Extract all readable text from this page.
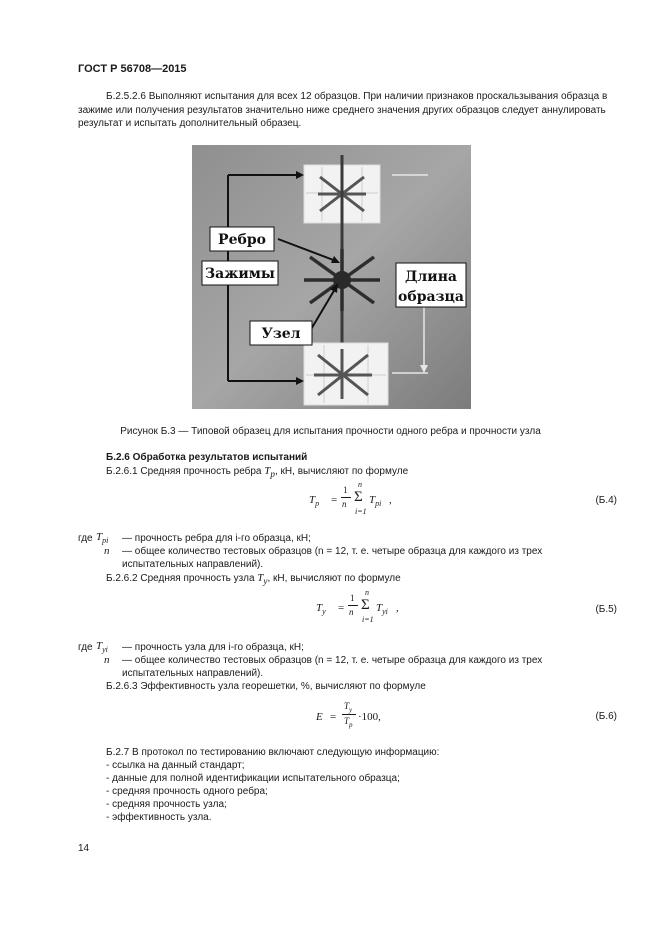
ГОСТ Р 56708—2015
Б.2.5.2.6 Выполняют испытания для всех 12 образцов. При наличии признаков проскальзывания образца в зажиме или получения результатов значительно ниже среднего значения других образцов следует аннулировать результат и испытать дополнительный образец.
Ребро
Зажимы
Узел
Длина
образца
Рисунок Б.3 — Типовой образец для испытания прочности одного ребра и прочности узла
Б.2.6 Обработка результатов испытаний
Б.2.6.1 Средняя прочность ребра $T_р$, кН, вычисляют по формуле
$T_р$ =
1
n
n
Σ
i=1
$T_{рi}$ ,	(Б.4)
где $T_{рi}$ — прочность ребра для i-го образца, кН;
n — общее количество тестовых образцов (n = 12, т. е. четыре образца для каждого из трех испытательных направлений).
Б.2.6.2 Средняя прочность узла $T_у$, кН, вычисляют по формуле
$T_у$ =
1
n
n
Σ
i=1
$T_{уi}$ ,	(Б.5)
где $T_{уi}$ — прочность узла для i-го образца, кН;
n — общее количество тестовых образцов (n = 12, т. е. четыре образца для каждого из трех испытательных направлений).
Б.2.6.3 Эффективность узла георешетки, %, вычисляют по формуле
E =
$T_у$
$T_р$
·100,	(Б.6)
Б.2.7 В протокол по тестированию включают следующую информацию:
- ссылка на данный стандарт;
- данные для полной идентификации испытательного образца;
- средняя прочность одного ребра;
- средняя прочность узла;
- эффективность узла.
14
